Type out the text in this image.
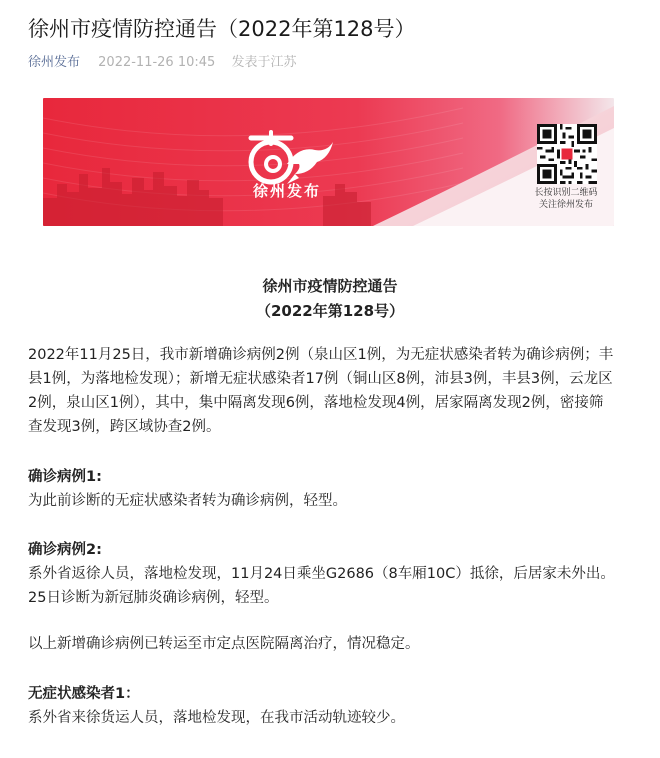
徐州市疫情防控通告（2022年第128号）
徐州发布 2022-11-26 10:45 发表于江苏
徐州发布	长按识别二维码
关注徐州发布
徐州市疫情防控通告
（2022年第128号）
2022年11月25日，我市新增确诊病例2例（泉山区1例，为无症状感染者转为确诊病例；丰
县1例，为落地检发现）；新增无症状感染者17例（铜山区8例，沛县3例，丰县3例，云龙区
2例，泉山区1例），其中，集中隔离发现6例，落地检发现4例，居家隔离发现2例，密接筛
查发现3例，跨区域协查2例。
确诊病例1:
为此前诊断的无症状感染者转为确诊病例，轻型。
确诊病例2:
系外省返徐人员，落地检发现，11月24日乘坐G2686（8车厢10C）抵徐，后居家未外出。
25日诊断为新冠肺炎确诊病例，轻型。
以上新增确诊病例已转运至市定点医院隔离治疗，情况稳定。
无症状感染者1：
系外省来徐货运人员，落地检发现，在我市活动轨迹较少。
